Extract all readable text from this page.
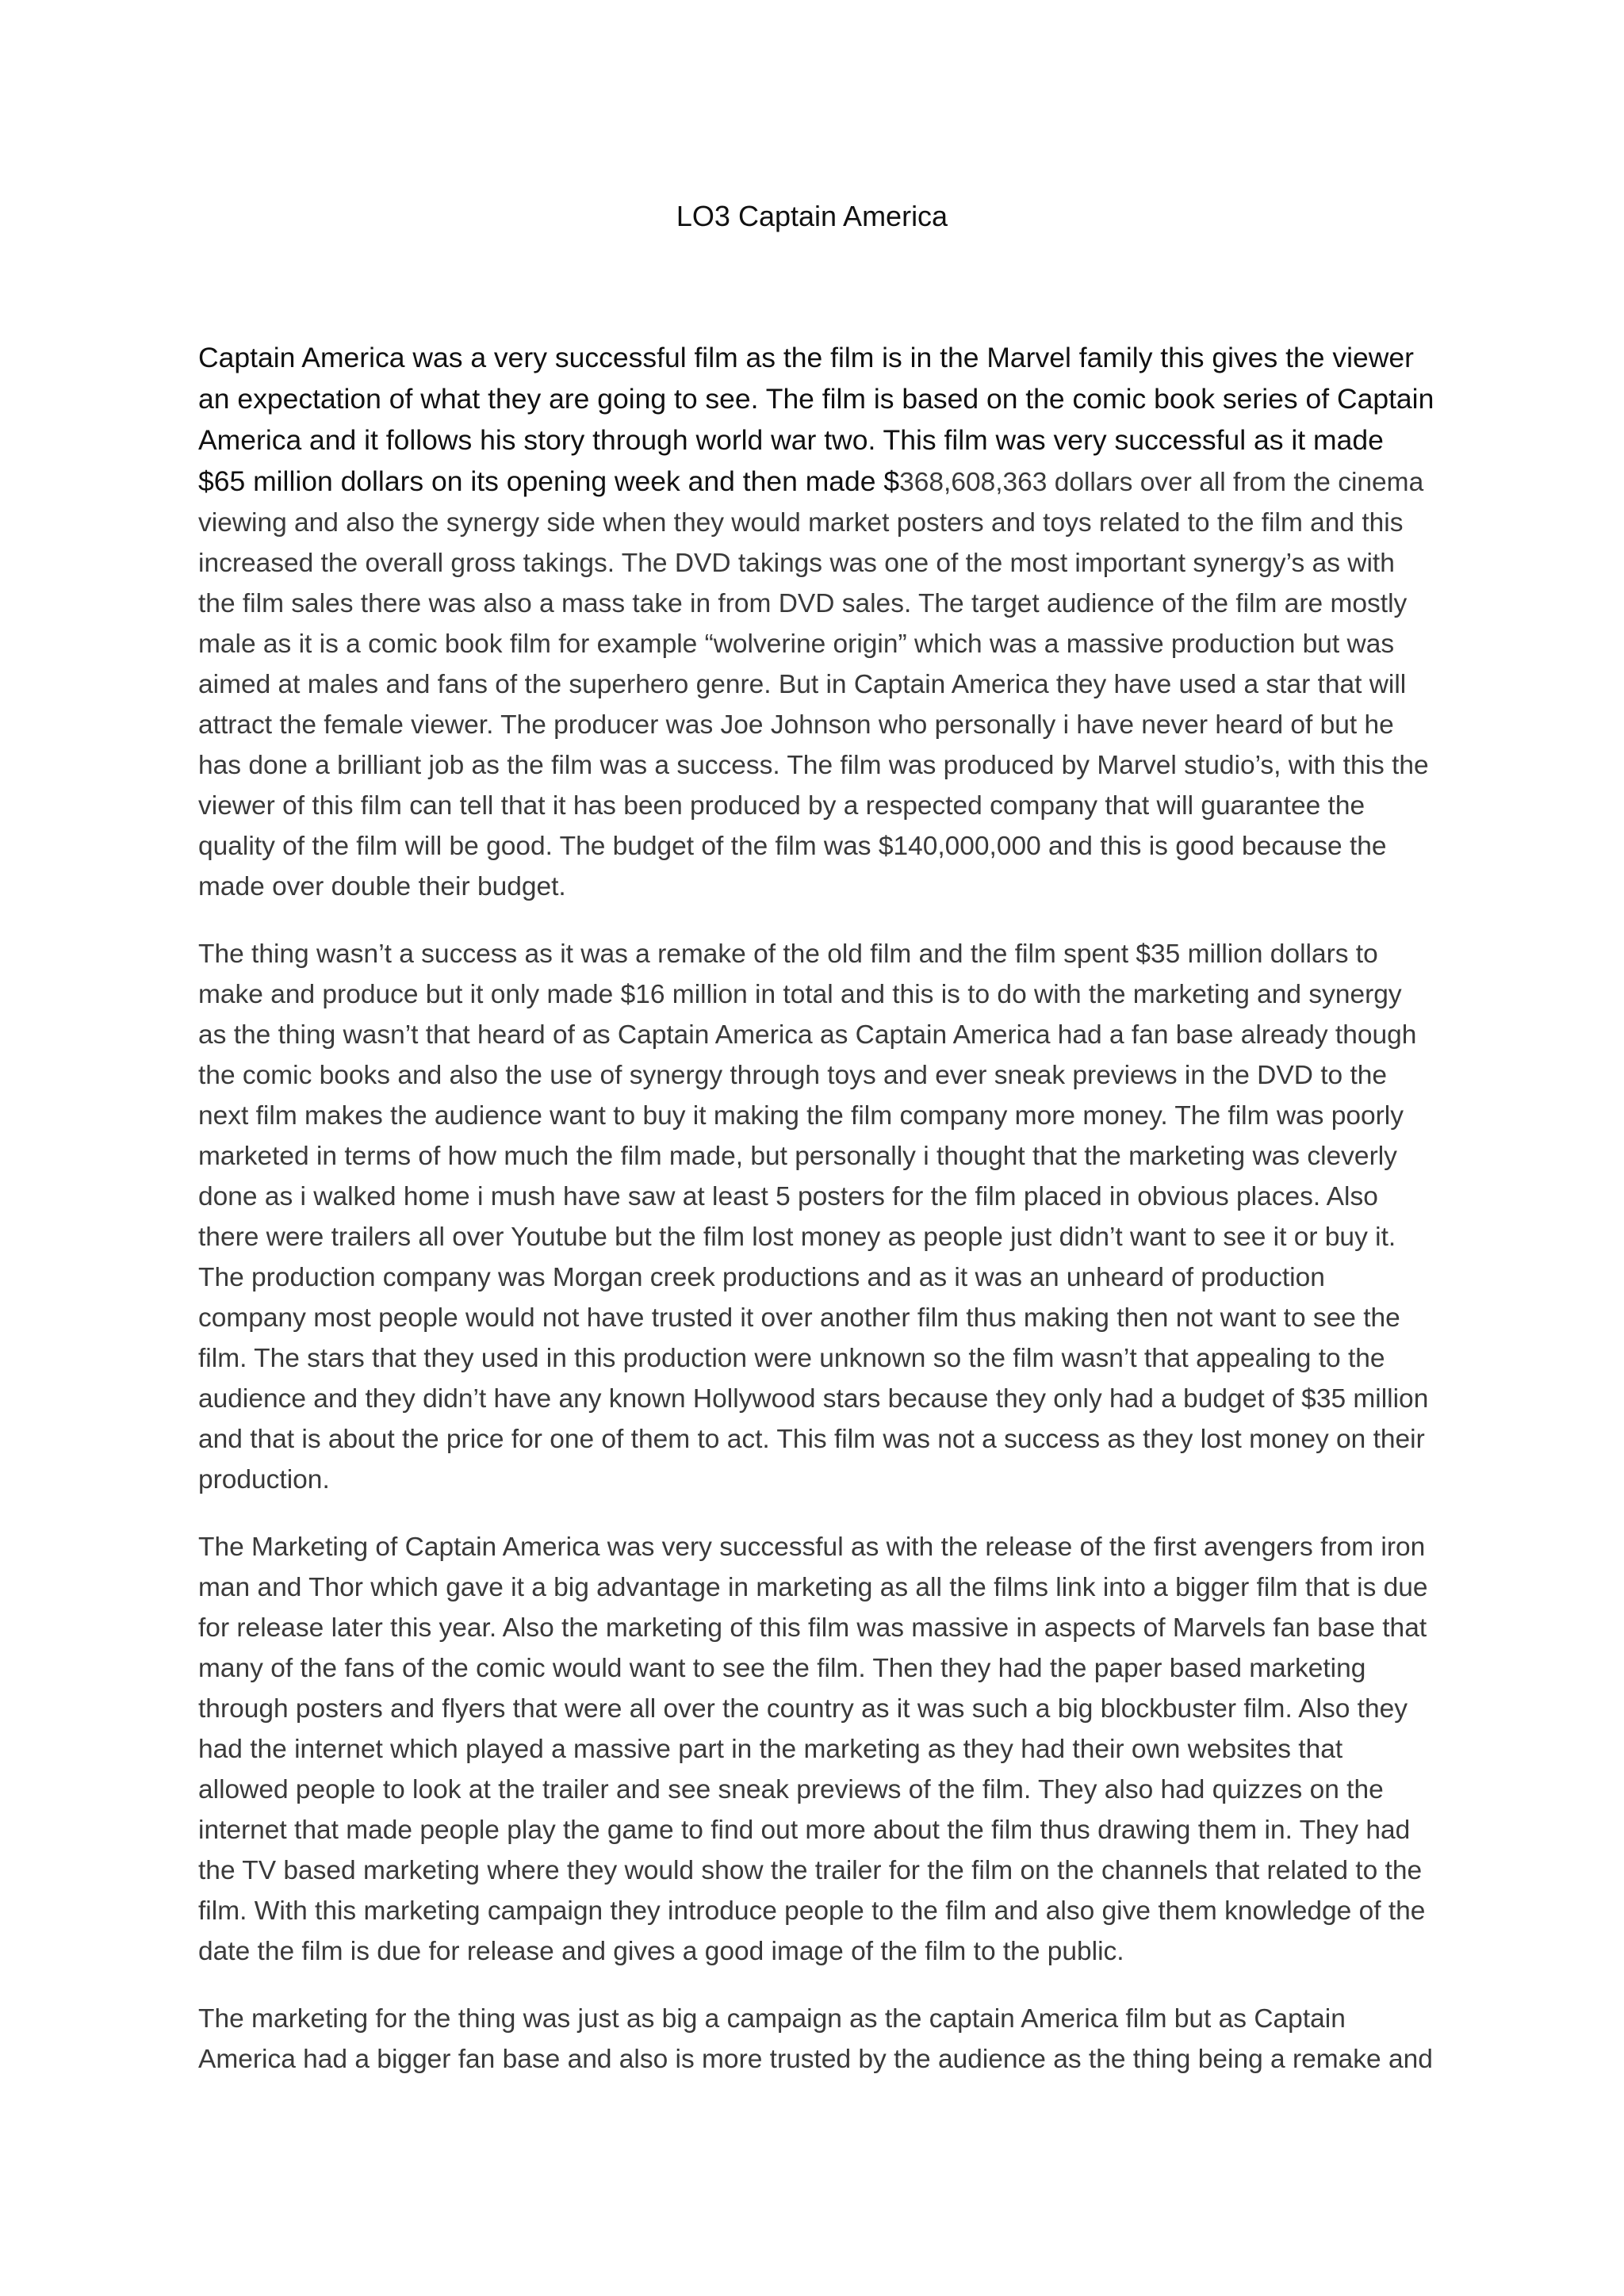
LO3 Captain America

Captain America was a very successful film as the film is in the Marvel family this gives the viewer an expectation of what they are going to see. The film is based on the comic book series of Captain America and it follows his story through world war two. This film was very successful as it made $65 million dollars on its opening week and then made $368,608,363 dollars over all from the cinema viewing and also the synergy side when they would market posters and toys related to the film and this increased the overall gross takings. The DVD takings was one of the most important synergy’s as with the film sales there was also a mass take in from DVD sales. The target audience of the film are mostly male as it is a comic book film for example “wolverine origin” which was a massive production but was aimed at males and fans of the superhero genre. But in Captain America they have used a star that will attract the female viewer. The producer was Joe Johnson who personally i have never heard of but he has done a brilliant job as the film was a success. The film was produced by Marvel studio’s, with this the viewer of this film can tell that it has been produced by a respected company that will guarantee the quality of the film will be good. The budget of the film was $140,000,000 and this is good because the made over double their budget.

The thing wasn’t a success as it was a remake of the old film and the film spent $35 million dollars to make and produce but it only made $16 million in total and this is to do with the marketing and synergy as the thing wasn’t that heard of as Captain America as Captain America had a fan base already though the comic books and also the use of synergy through toys and ever sneak previews in the DVD to the next film makes the audience want to buy it making the film company more money. The film was poorly marketed in terms of how much the film made, but personally i thought that the marketing was cleverly done as i walked home i mush have saw at least 5 posters for the film placed in obvious places. Also there were trailers all over Youtube but the film lost money as people just didn’t want to see it or buy it. The production company was Morgan creek productions and as it was an unheard of production company most people would not have trusted it over another film thus making then not want to see the film. The stars that they used in this production were unknown so the film wasn’t that appealing to the audience and they didn’t have any known Hollywood stars because they only had a budget of $35 million and that is about the price for one of them to act. This film was not a success as they lost money on their production.

The Marketing of Captain America was very successful as with the release of the first avengers from iron man and Thor which gave it a big advantage in marketing as all the films link into a bigger film that is due for release later this year. Also the marketing of this film was massive in aspects of Marvels fan base that many of the fans of the comic would want to see the film. Then they had the paper based marketing through posters and flyers that were all over the country as it was such a big blockbuster film. Also they had the internet which played a massive part in the marketing as they had their own websites that allowed people to look at the trailer and see sneak previews of the film. They also had quizzes on the internet that made people play the game to find out more about the film thus drawing them in. They had the TV based marketing where they would show the trailer for the film on the channels that related to the film. With this marketing campaign they introduce people to the film and also give them knowledge of the date the film is due for release and gives a good image of the film to the public.

The marketing for the thing was just as big a campaign as the captain America film but as Captain America had a bigger fan base and also is more trusted by the audience as the thing being a remake and
